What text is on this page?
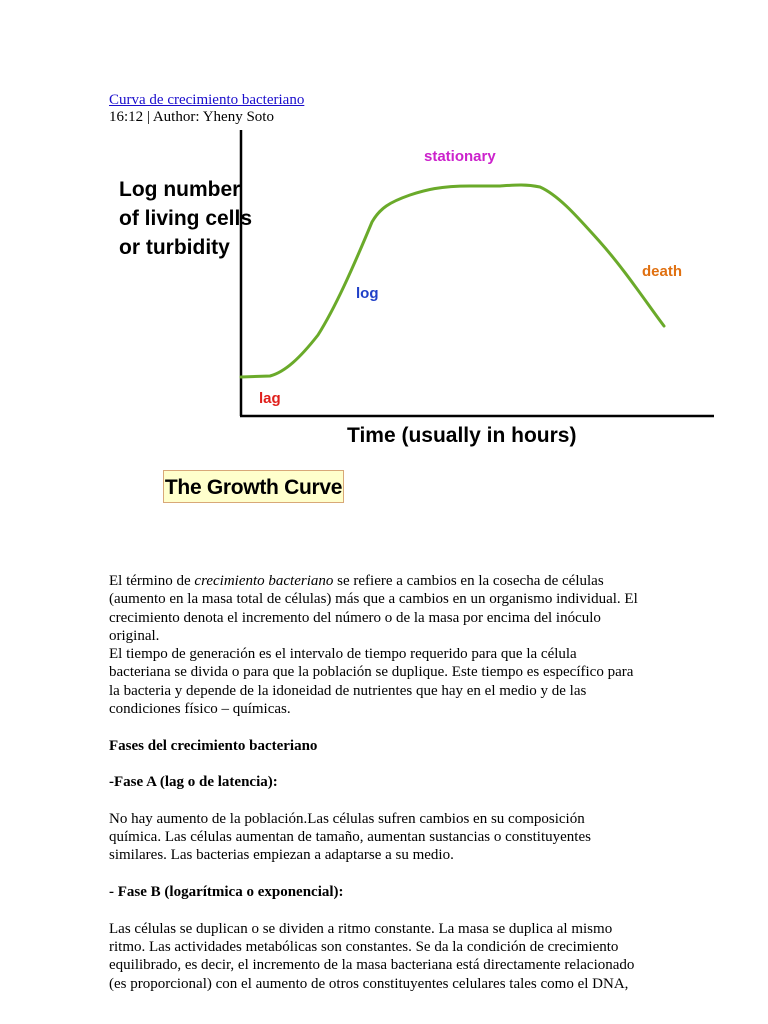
Curva de crecimiento bacteriano
16:12 | Author: Yheny Soto
Log number
of living cells
or turbidity
Time (usually in hours)
lag
log
stationary
death
The Growth Curve

El término de crecimiento bacteriano se refiere a cambios en la cosecha de células

(aumento en la masa total de células) más que a cambios en un organismo individual. El

crecimiento denota el incremento del número o de la masa por encima del inóculo

original.

El tiempo de generación es el intervalo de tiempo requerido para que la célula

bacteriana se divida o para que la población se duplique. Este tiempo es específico para

la bacteria y depende de la idoneidad de nutrientes que hay en el medio y de las

condiciones físico – químicas.

Fases del crecimiento bacteriano

-Fase A (lag o de latencia):

No hay aumento de la población.Las células sufren cambios en su composición

química. Las células aumentan de tamaño, aumentan sustancias o constituyentes

similares. Las bacterias empiezan a adaptarse a su medio.

- Fase B (logarítmica o exponencial):

Las células se duplican o se dividen a ritmo constante. La masa se duplica al mismo

ritmo. Las actividades metabólicas son constantes. Se da la condición de crecimiento

equilibrado, es decir, el incremento de la masa bacteriana está directamente relacionado

(es proporcional) con el aumento de otros constituyentes celulares tales como el DNA,
